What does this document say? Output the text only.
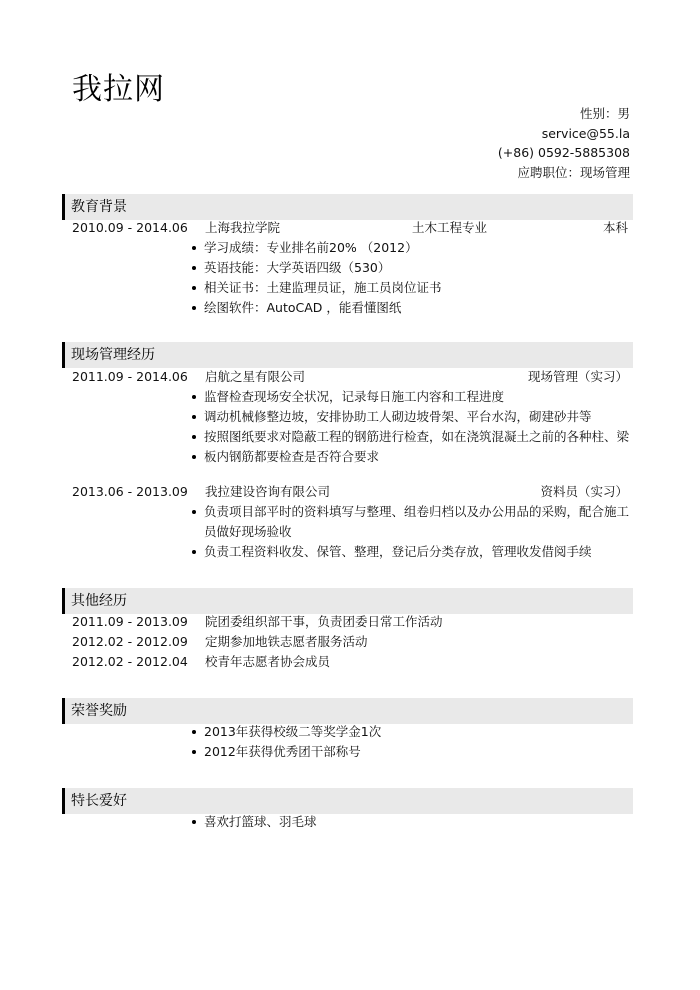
我拉网
性别：男
service@55.la
(+86) 0592-5885308
应聘职位：现场管理
教育背景
2010.09 - 2014.06 上海我拉学院	土木工程专业	本科
学习成绩：专业排名前20% （2012）
英语技能：大学英语四级（530）
相关证书：土建监理员证，施工员岗位证书
绘图软件：AutoCAD ，能看懂图纸
现场管理经历
2011.09 - 2014.06 启航之星有限公司	现场管理（实习）
监督检查现场安全状况，记录每日施工内容和工程进度
调动机械修整边坡，安排协助工人砌边坡骨架、平台水沟，砌建砂井等
按照图纸要求对隐蔽工程的钢筋进行检查，如在浇筑混凝土之前的各种柱、梁
板内钢筋都要检查是否符合要求
2013.06 - 2013.09 我拉建设咨询有限公司	资料员（实习）
负责项目部平时的资料填写与整理、组卷归档以及办公用品的采购，配合施工员做好现场验收
负责工程资料收发、保管、整理，登记后分类存放，管理收发借阅手续
其他经历
2011.09 - 2013.09 院团委组织部干事，负责团委日常工作活动
2012.02 - 2012.09 定期参加地铁志愿者服务活动
2012.02 - 2012.04 校青年志愿者协会成员
荣誉奖励
2013年获得校级二等奖学金1次
2012年获得优秀团干部称号
特长爱好
喜欢打篮球、羽毛球
